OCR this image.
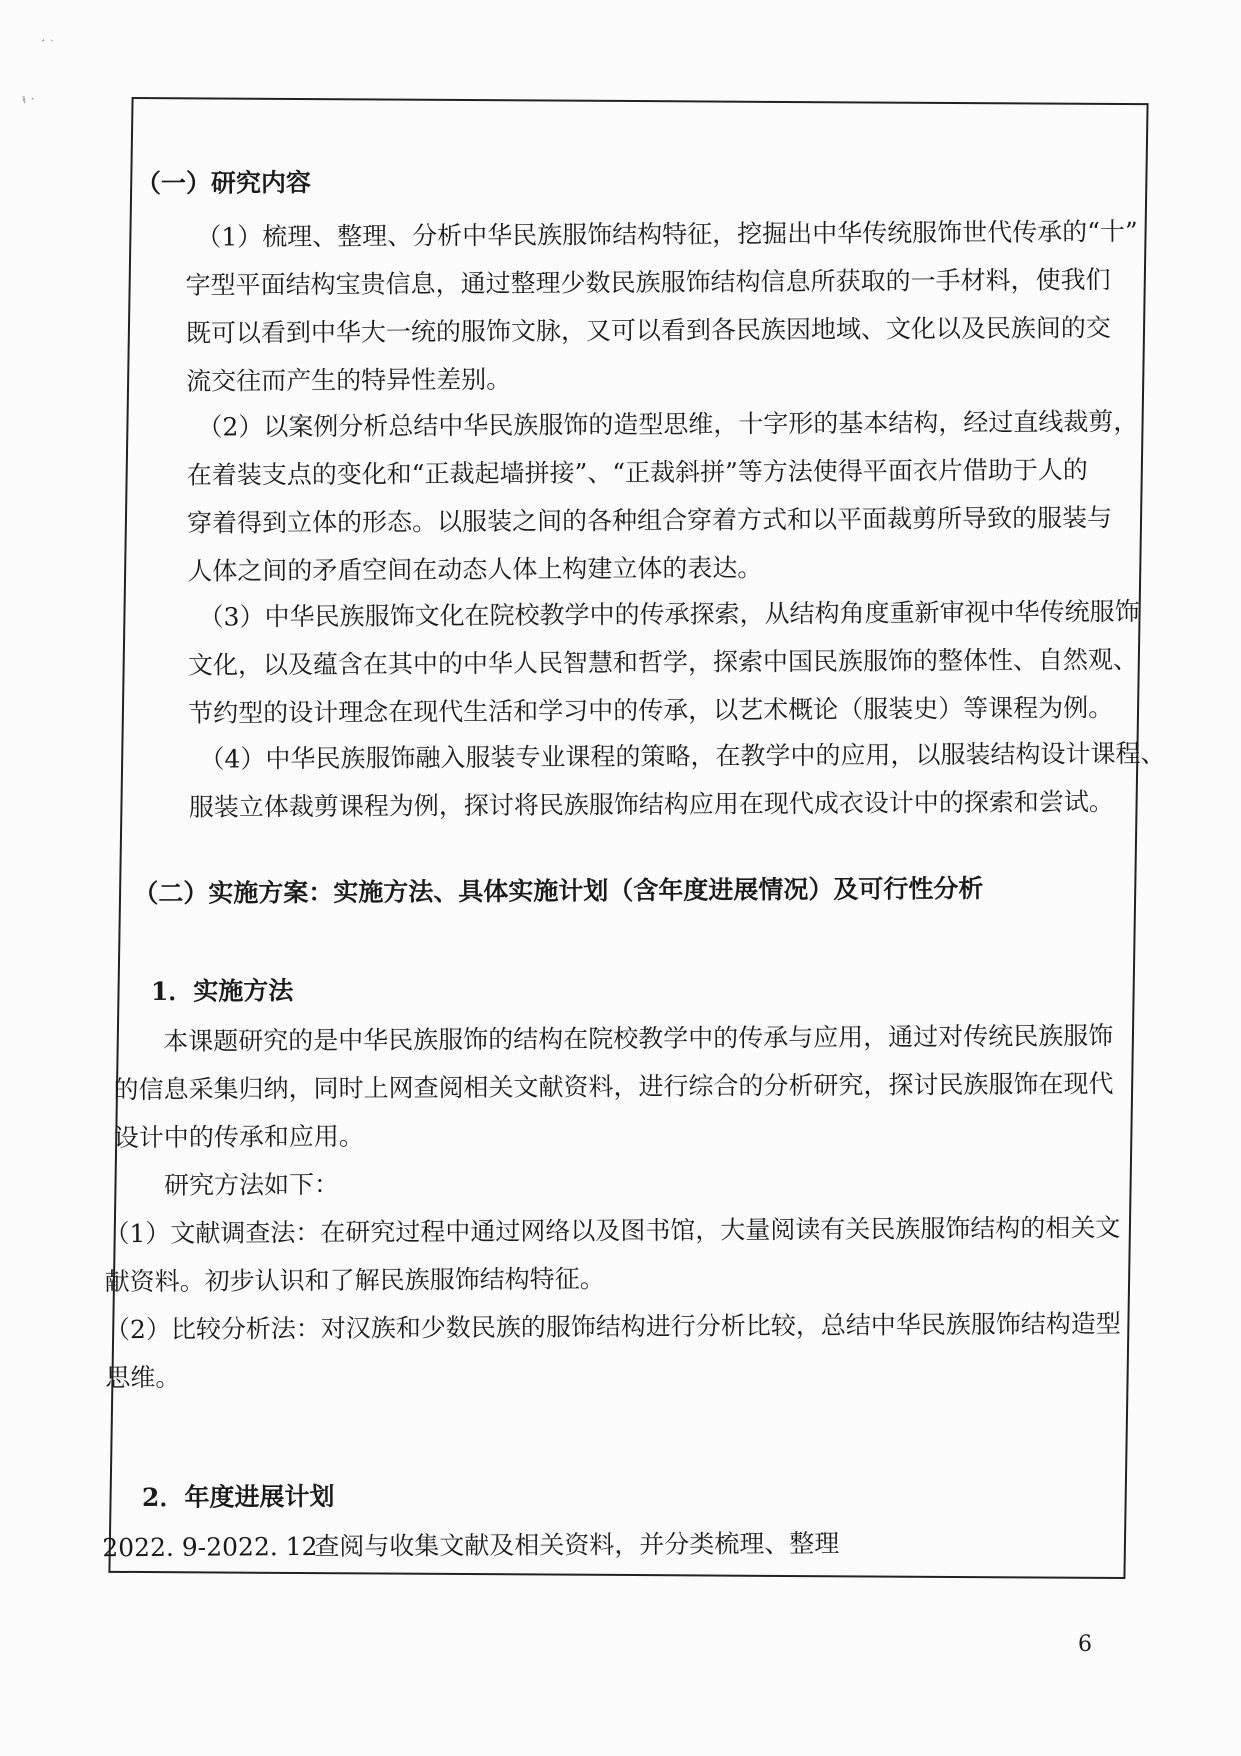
¸ ˎ
ᵼ ·
（一）研究内容
（1）梳理、整理、分析中华民族服饰结构特征，挖掘出中华传统服饰世代传承的“十”
字型平面结构宝贵信息，通过整理少数民族服饰结构信息所获取的一手材料，使我们
既可以看到中华大一统的服饰文脉，又可以看到各民族因地域、文化以及民族间的交
流交往而产生的特异性差别。
（2）以案例分析总结中华民族服饰的造型思维，十字形的基本结构，经过直线裁剪，
在着装支点的变化和“正裁起墙拼接”、“正裁斜拼”等方法使得平面衣片借助于人的
穿着得到立体的形态。以服装之间的各种组合穿着方式和以平面裁剪所导致的服装与
人体之间的矛盾空间在动态人体上构建立体的表达。
（3）中华民族服饰文化在院校教学中的传承探索，从结构角度重新审视中华传统服饰
文化，以及蕴含在其中的中华人民智慧和哲学，探索中国民族服饰的整体性、自然观、
节约型的设计理念在现代生活和学习中的传承，以艺术概论（服装史）等课程为例。
（4）中华民族服饰融入服装专业课程的策略，在教学中的应用，以服装结构设计课程、
服装立体裁剪课程为例，探讨将民族服饰结构应用在现代成衣设计中的探索和尝试。
（二）实施方案：实施方法、具体实施计划（含年度进展情况）及可行性分析
1．实施方法
本课题研究的是中华民族服饰的结构在院校教学中的传承与应用，通过对传统民族服饰
的信息采集归纳，同时上网查阅相关文献资料，进行综合的分析研究，探讨民族服饰在现代
设计中的传承和应用。
研究方法如下：
（1）文献调查法：在研究过程中通过网络以及图书馆，大量阅读有关民族服饰结构的相关文
献资料。初步认识和了解民族服饰结构特征。
（2）比较分析法：对汉族和少数民族的服饰结构进行分析比较，总结中华民族服饰结构造型
思维。
2．年度进展计划
2022. 9-2022. 12
查阅与收集文献及相关资料，并分类梳理、整理
6
